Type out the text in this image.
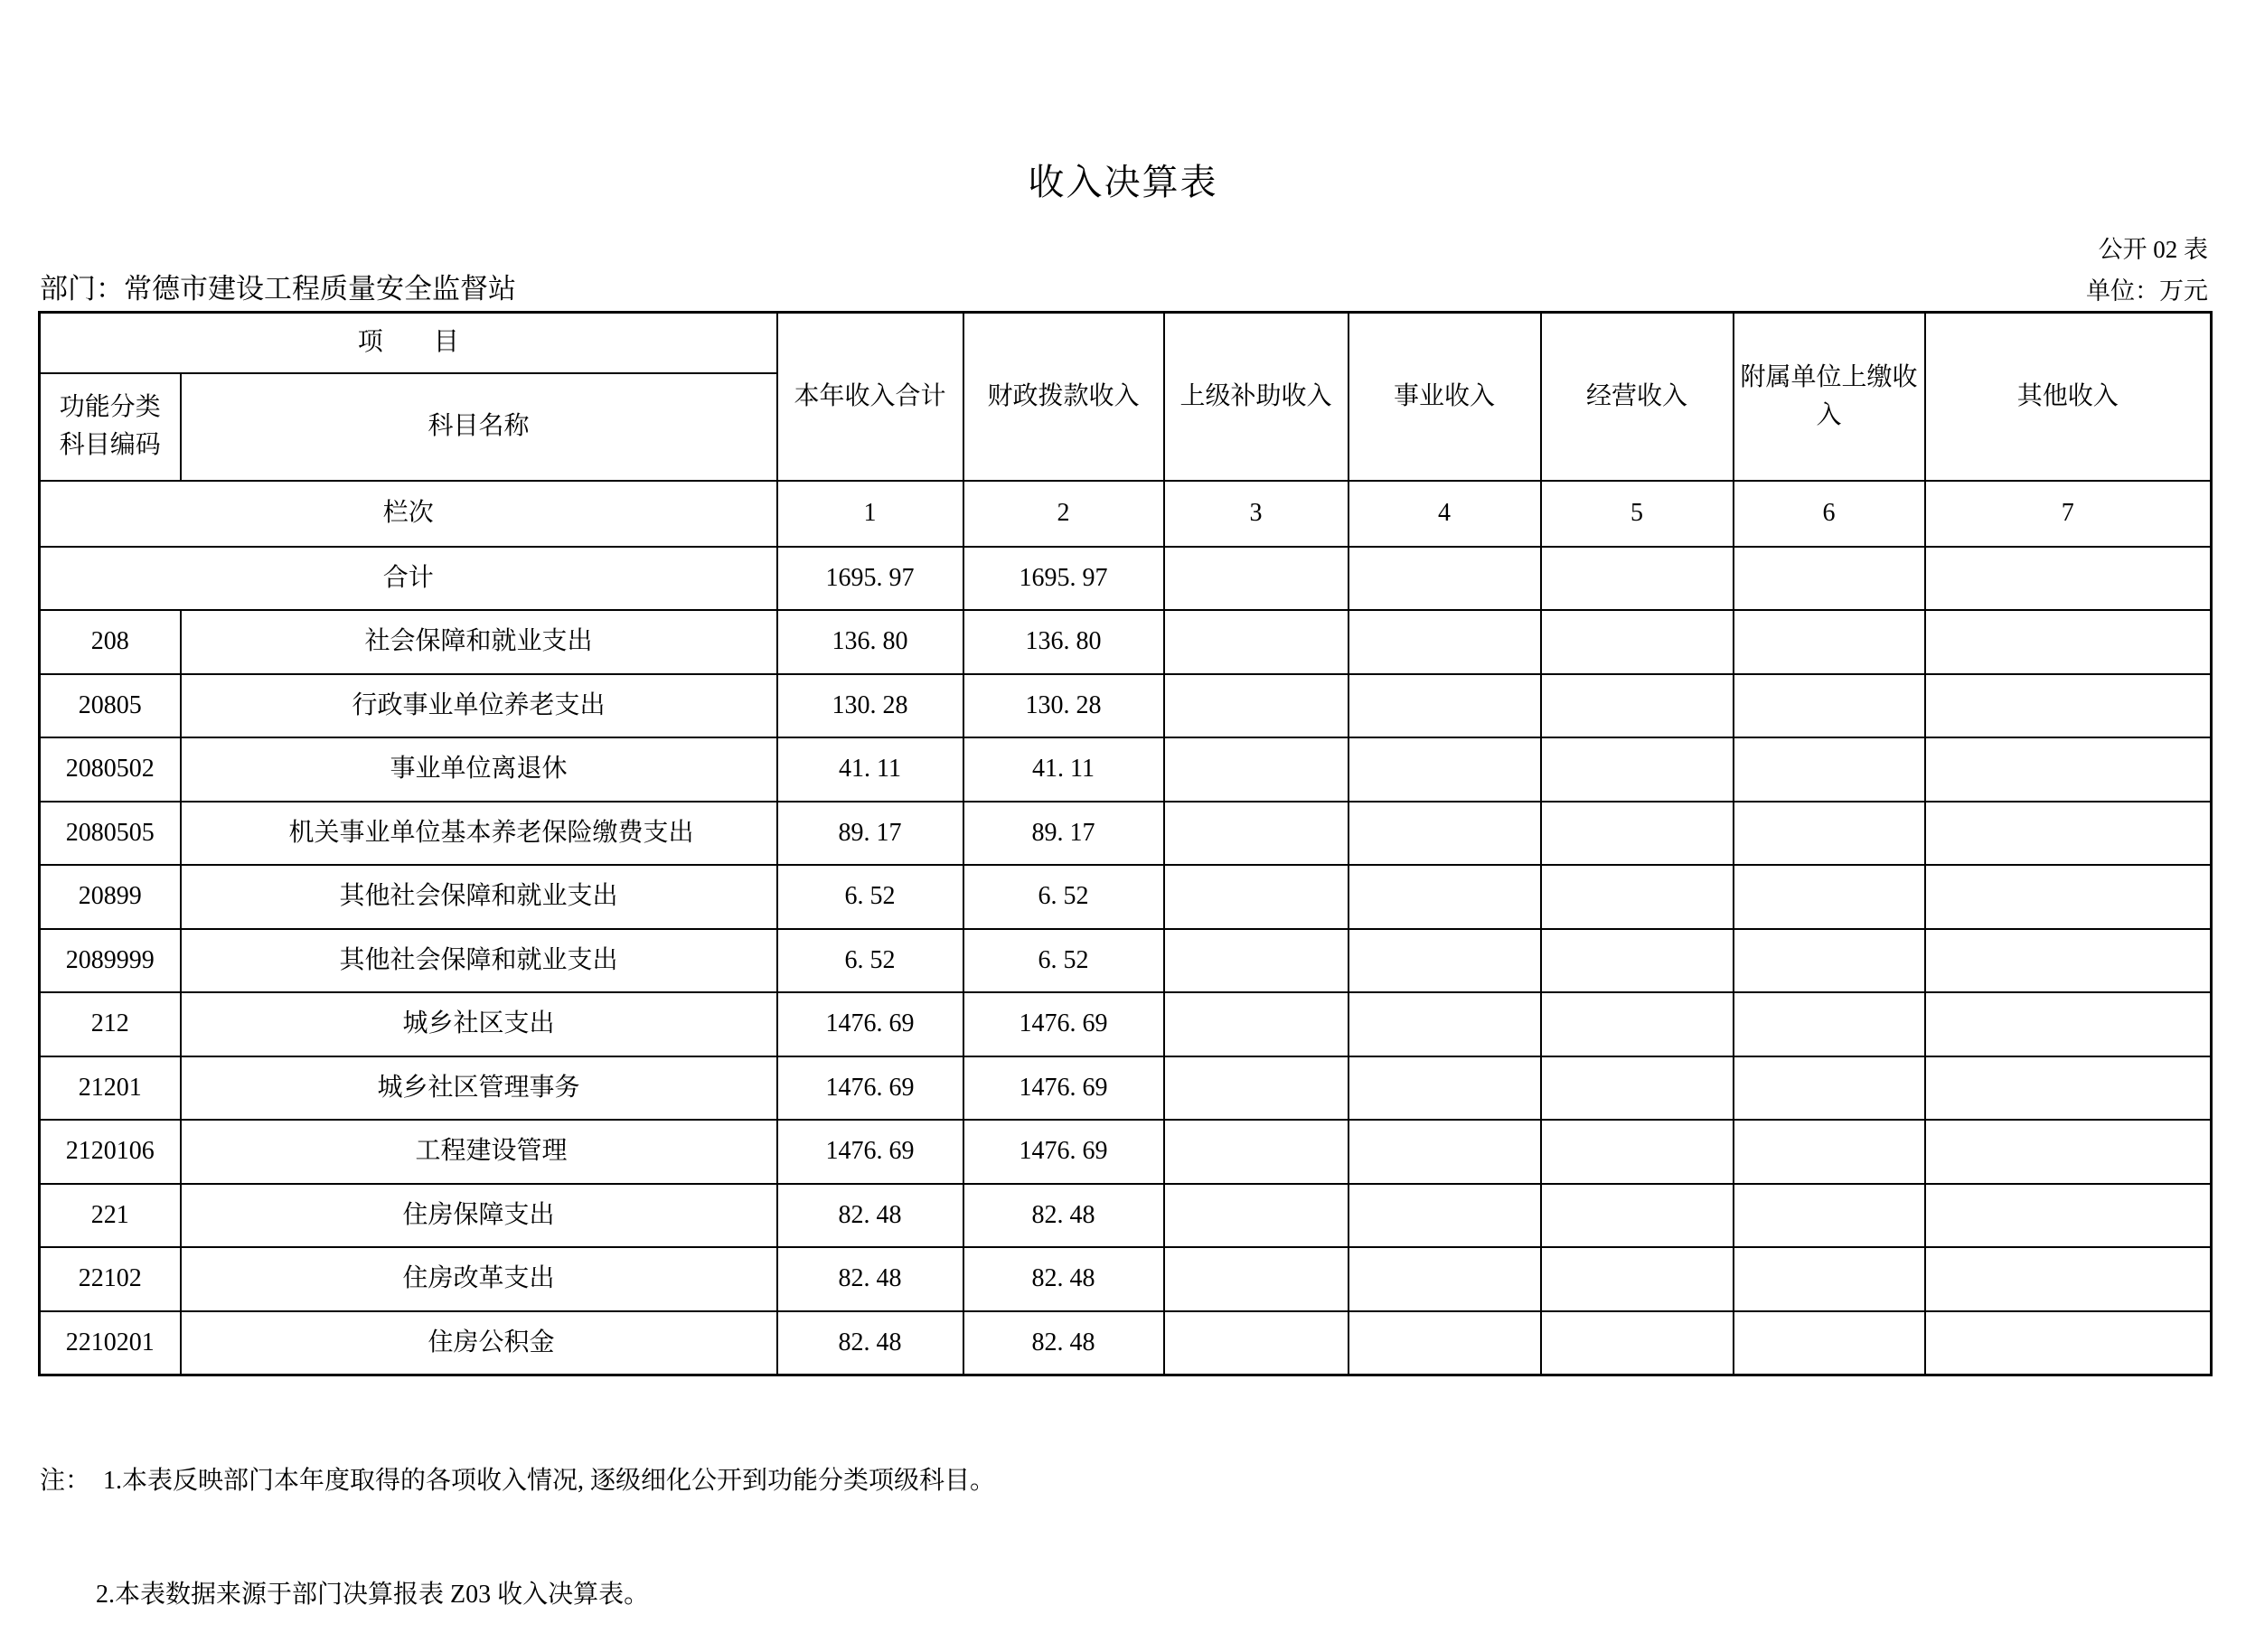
收入决算表
公开 02 表
部门：常德市建设工程质量安全监督站	单位：万元
项　　目		本年收入合计	财政拨款收入	上级补助收入	事业收入	经营收入	附属单位上缴收入	其他收入
功能分类
科目编码	科目名称							
栏次		1	2	3	4	5	6	7
合计		1695. 97	1695. 97					
208	社会保障和就业支出	136. 80	136. 80					
20805	行政事业单位养老支出	130. 28	130. 28					
2080502	事业单位离退休	41. 11	41. 11					
2080505	　机关事业单位基本养老保险缴费支出	89. 17	89. 17					
20899	其他社会保障和就业支出	6. 52	6. 52					
2089999	其他社会保障和就业支出	6. 52	6. 52					
212	城乡社区支出	1476. 69	1476. 69					
21201	城乡社区管理事务	1476. 69	1476. 69					
2120106	　工程建设管理	1476. 69	1476. 69					
221	住房保障支出	82. 48	82. 48					
22102	住房改革支出	82. 48	82. 48					
2210201	　住房公积金	82. 48	82. 48					

注：  1.本表反映部门本年度取得的各项收入情况, 逐级细化公开到功能分类项级科目。

2.本表数据来源于部门决算报表 Z03 收入决算表。
